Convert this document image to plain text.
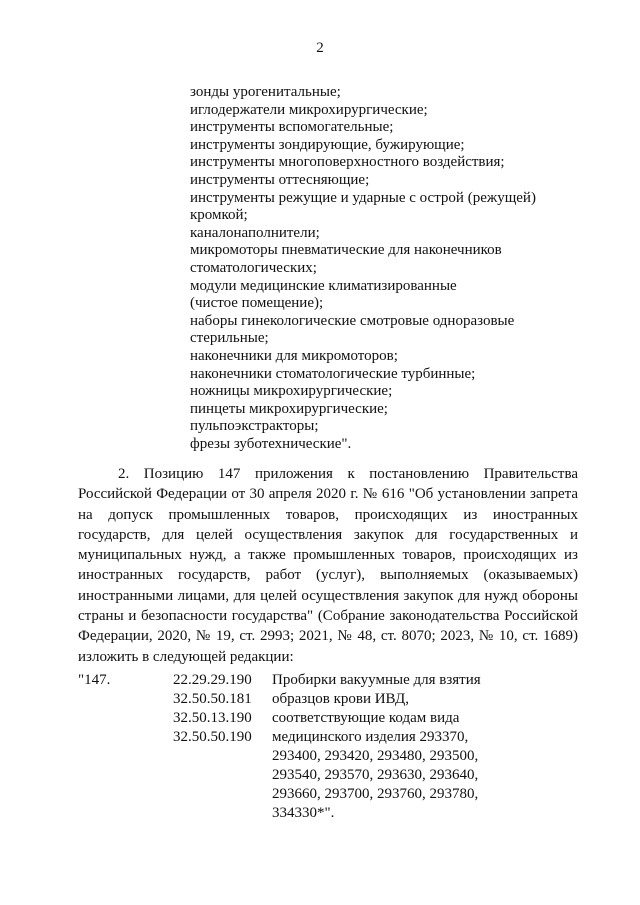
2
зонды урогенитальные;
иглодержатели микрохирургические;
инструменты вспомогательные;
инструменты зондирующие, бужирующие;
инструменты многоповерхностного воздействия;
инструменты оттесняющие;
инструменты режущие и ударные с острой (режущей)
кромкой;
каналонаполнители;
микромоторы пневматические для наконечников
стоматологических;
модули медицинские климатизированные
(чистое помещение);
наборы гинекологические смотровые одноразовые
стерильные;
наконечники для микромоторов;
наконечники стоматологические турбинные;
ножницы микрохирургические;
пинцеты микрохирургические;
пульпоэкстракторы;
фрезы зуботехнические".

2. Позицию 147 приложения к постановлению Правительства Российской Федерации от 30 апреля 2020 г. № 616 "Об установлении запрета на допуск промышленных товаров, происходящих из иностранных государств, для целей осуществления закупок для государственных и муниципальных нужд, а также промышленных товаров, происходящих из иностранных государств, работ (услуг), выполняемых (оказываемых) иностранными лицами, для целей осуществления закупок для нужд обороны страны и безопасности государства" (Собрание законодательства Российской Федерации, 2020, № 19, ст. 2993; 2021, № 48, ст. 8070; 2023, № 10, ст. 1689) изложить в следующей редакции:

"147.	22.29.29.190
32.50.50.181
32.50.13.190
32.50.50.190

Пробирки вакуумные для взятия образцов крови ИВД, соответствующие кодам вида медицинского изделия 293370, 293400, 293420, 293480, 293500, 293540, 293570, 293630, 293640, 293660, 293700, 293760, 293780, 334330*".
